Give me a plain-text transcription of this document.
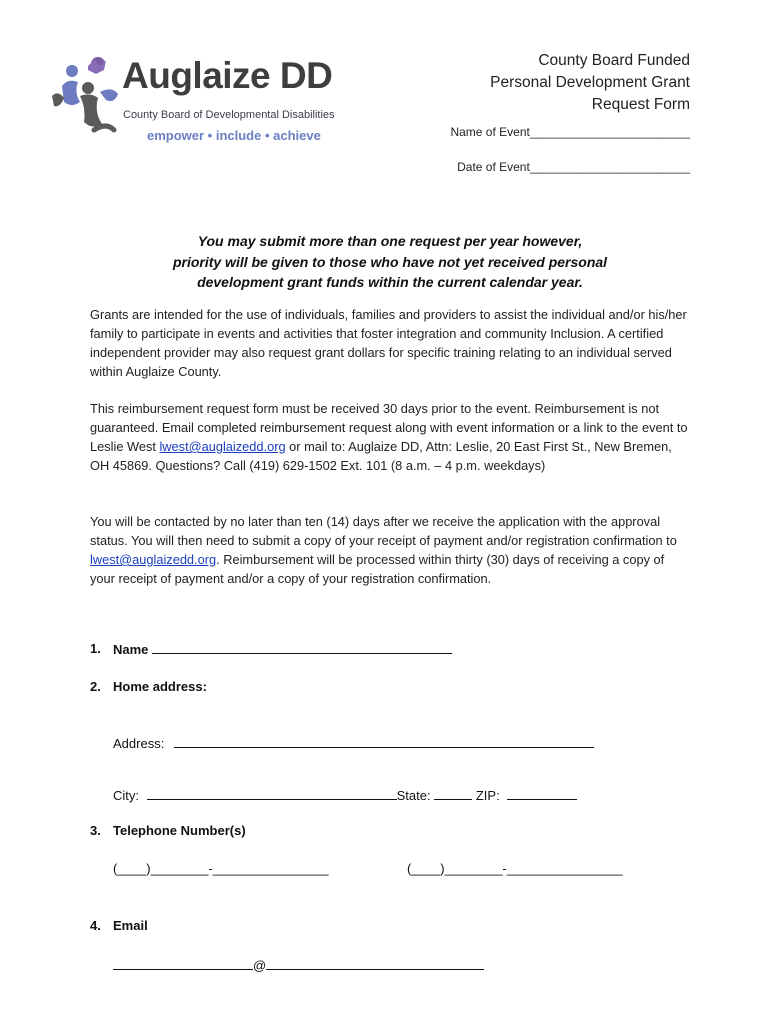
Auglaize DD
County Board of Developmental Disabilities
empower • include • achieve
County Board Funded
Personal Development Grant
Request Form
Name of Event________________________
Date of Event________________________
You may submit more than one request per year however,
priority will be given to those who have not yet received personal
development grant funds within the current calendar year.
Grants are intended for the use of individuals, families and providers to assist the individual and/or his/her family to participate in events and activities that foster integration and community Inclusion. A certified independent provider may also request grant dollars for specific training relating to an individual served within Auglaize County.
This reimbursement request form must be received 30 days prior to the event. Reimbursement is not guaranteed. Email completed reimbursement request along with event information or a link to the event to Leslie West lwest@auglaizedd.org or mail to: Auglaize DD, Attn: Leslie, 20 East First St., New Bremen, OH 45869. Questions? Call (419) 629-1502 Ext. 101 (8 a.m. – 4 p.m. weekdays)
You will be contacted by no later than ten (14) days after we receive the application with the approval status. You will then need to submit a copy of your receipt of payment and/or registration confirmation to lwest@auglaizedd.org. Reimbursement will be processed within thirty (30) days of receiving a copy of your receipt of payment and/or a copy of your registration confirmation.
1. Name
2. Home address:
Address:
City:	State:	ZIP:
3. Telephone Number(s)
(____)________-________________	(____)________-________________
4. Email
@
